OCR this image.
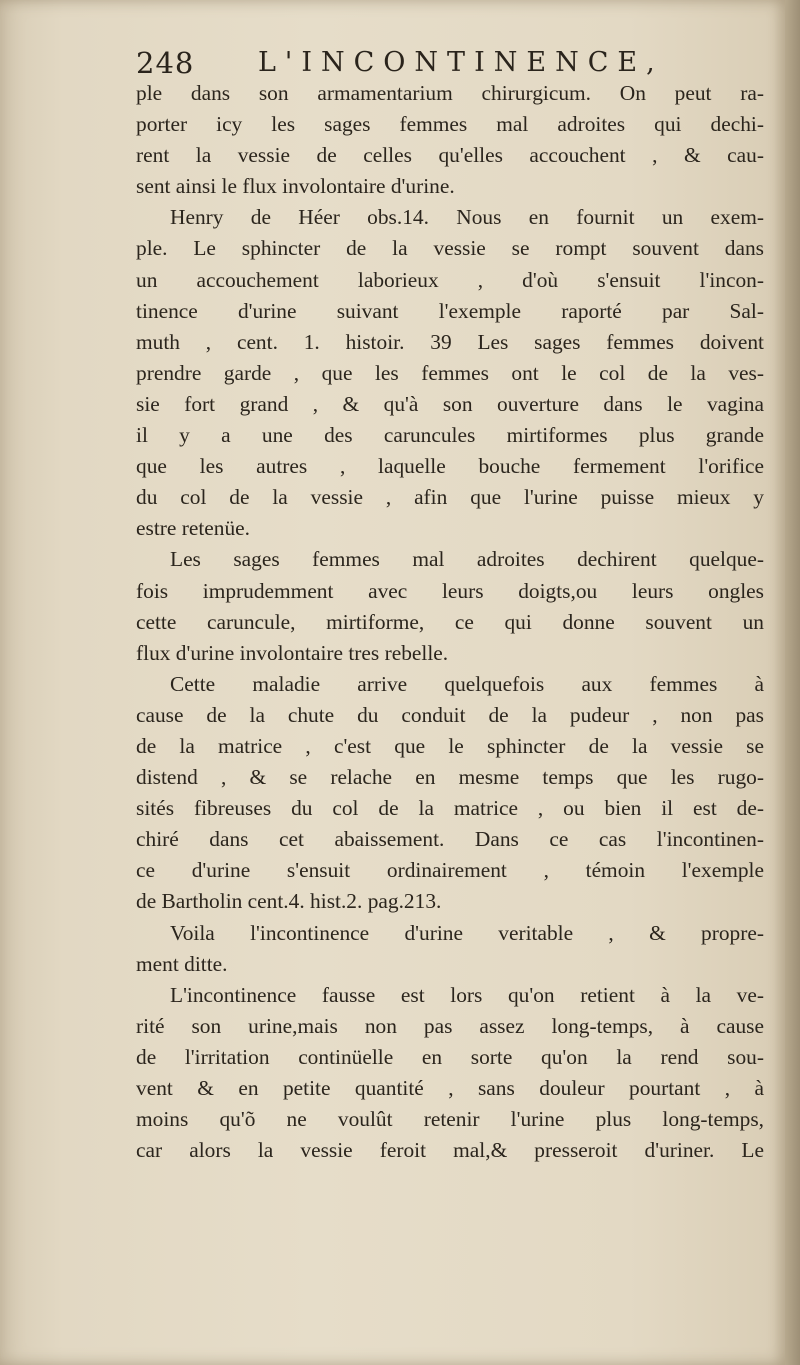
248 L'INCONTINENCE,
ple dans son armamentarium chirurgicum. On peut ra-
porter icy les sages femmes mal adroites qui dechi-
rent la vessie de celles qu'elles accouchent , & cau-
sent ainsi le flux involontaire d'urine.
Henry de Héer obs.14. Nous en fournit un exem-
ple. Le sphincter de la vessie se rompt souvent dans
un accouchement laborieux , d'où s'ensuit l'incon-
tinence d'urine suivant l'exemple raporté par Sal-
muth , cent. 1. histoir. 39 Les sages femmes doivent
prendre garde , que les femmes ont le col de la ves-
sie fort grand , & qu'à son ouverture dans le vagina
il y a une des caruncules mirtiformes plus grande
que les autres , laquelle bouche fermement l'orifice
du col de la vessie , afin que l'urine puisse mieux y
estre retenüe.
Les sages femmes mal adroites dechirent quelque-
fois imprudemment avec leurs doigts,ou leurs ongles
cette caruncule, mirtiforme, ce qui donne souvent un
flux d'urine involontaire tres rebelle.
Cette maladie arrive quelquefois aux femmes à
cause de la chute du conduit de la pudeur , non pas
de la matrice , c'est que le sphincter de la vessie se
distend , & se relache en mesme temps que les rugo-
sités fibreuses du col de la matrice , ou bien il est de-
chiré dans cet abaissement. Dans ce cas l'incontinen-
ce d'urine s'ensuit ordinairement , témoin l'exemple
de Bartholin cent.4. hist.2. pag.213.
Voila l'incontinence d'urine veritable , & propre-
ment ditte.
L'incontinence fausse est lors qu'on retient à la ve-
rité son urine,mais non pas assez long-temps, à cause
de l'irritation continüelle en sorte qu'on la rend sou-
vent & en petite quantité , sans douleur pourtant , à
moins qu'õ ne voulût retenir l'urine plus long-temps,
car alors la vessie feroit mal,& presseroit d'uriner. Le
